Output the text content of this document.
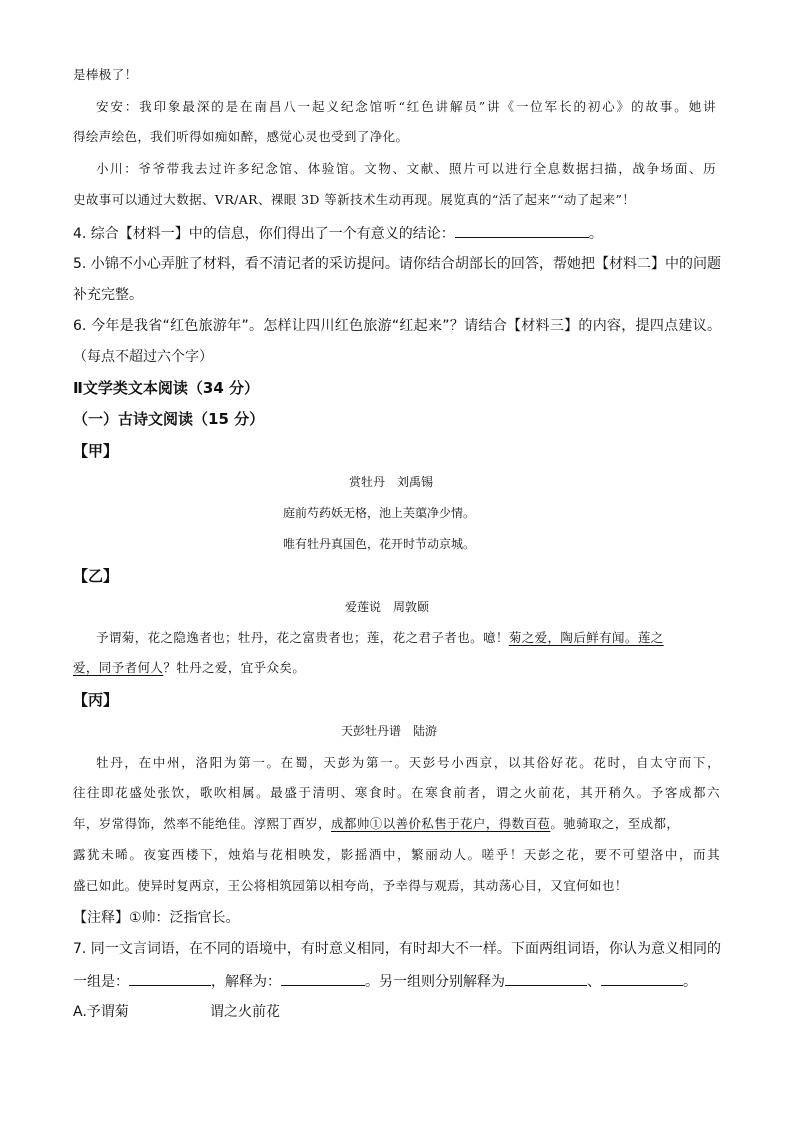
是棒极了！
安安：我印象最深的是在南昌八一起义纪念馆听“红色讲解员”讲《一位军长的初心》的故事。她讲
得绘声绘色，我们听得如痴如醉，感觉心灵也受到了净化。
小川：爷爷带我去过许多纪念馆、体验馆。文物、文献、照片可以进行全息数据扫描，战争场面、历
史故事可以通过大数据、VR/AR、裸眼 3D 等新技术生动再现。展览真的“活了起来”“动了起来”！
4. 综合【材料一】中的信息，你们得出了一个有意义的结论：	。
5. 小锦不小心弄脏了材料，看不清记者的采访提问。请你结合胡部长的回答，帮她把【材料二】中的问题
补充完整。
6. 今年是我省“红色旅游年”。怎样让四川红色旅游“红起来”？请结合【材料三】的内容，提四点建议。
（每点不超过六个字）
Ⅱ文学类文本阅读（34 分）
（一）古诗文阅读（15 分）
【甲】
赏牡丹　刘禹锡
庭前芍药妖无格，池上芙蕖净少情。
唯有牡丹真国色，花开时节动京城。
【乙】
爱莲说　周敦颐
予谓菊，花之隐逸者也；牡丹，花之富贵者也；莲，花之君子者也。噫！菊之爱，陶后鲜有闻。莲之
爱，同予者何人？牡丹之爱，宜乎众矣。
【丙】
天彭牡丹谱　陆游
牡丹，在中州，洛阳为第一。在蜀，天彭为第一。天彭号小西京，以其俗好花。花时，自太守而下，
往往即花盛处张饮，歌吹相属。最盛于清明、寒食时。在寒食前者，谓之火前花，其开稍久。予客成都六
年，岁常得饰，然率不能绝佳。淳熙丁酉岁，成都帅①以善价私售于花户，得数百苞。驰骑取之，至成都，
露犹未晞。夜宴西楼下，烛焰与花相映发，影摇酒中，繁丽动人。嗟乎！天彭之花，要不可望洛中，而其
盛已如此。使异时复两京，王公将相筑园第以相夸尚，予幸得与观焉，其动荡心目，又宜何如也！
【注释】①帅：泛指官长。
7. 同一文言词语，在不同的语境中，有时意义相同，有时却大不一样。下面两组词语，你认为意义相同的
一组是：	，解释为：	。另一组则分别解释为	、	。
A.予谓菊	谓之火前花
